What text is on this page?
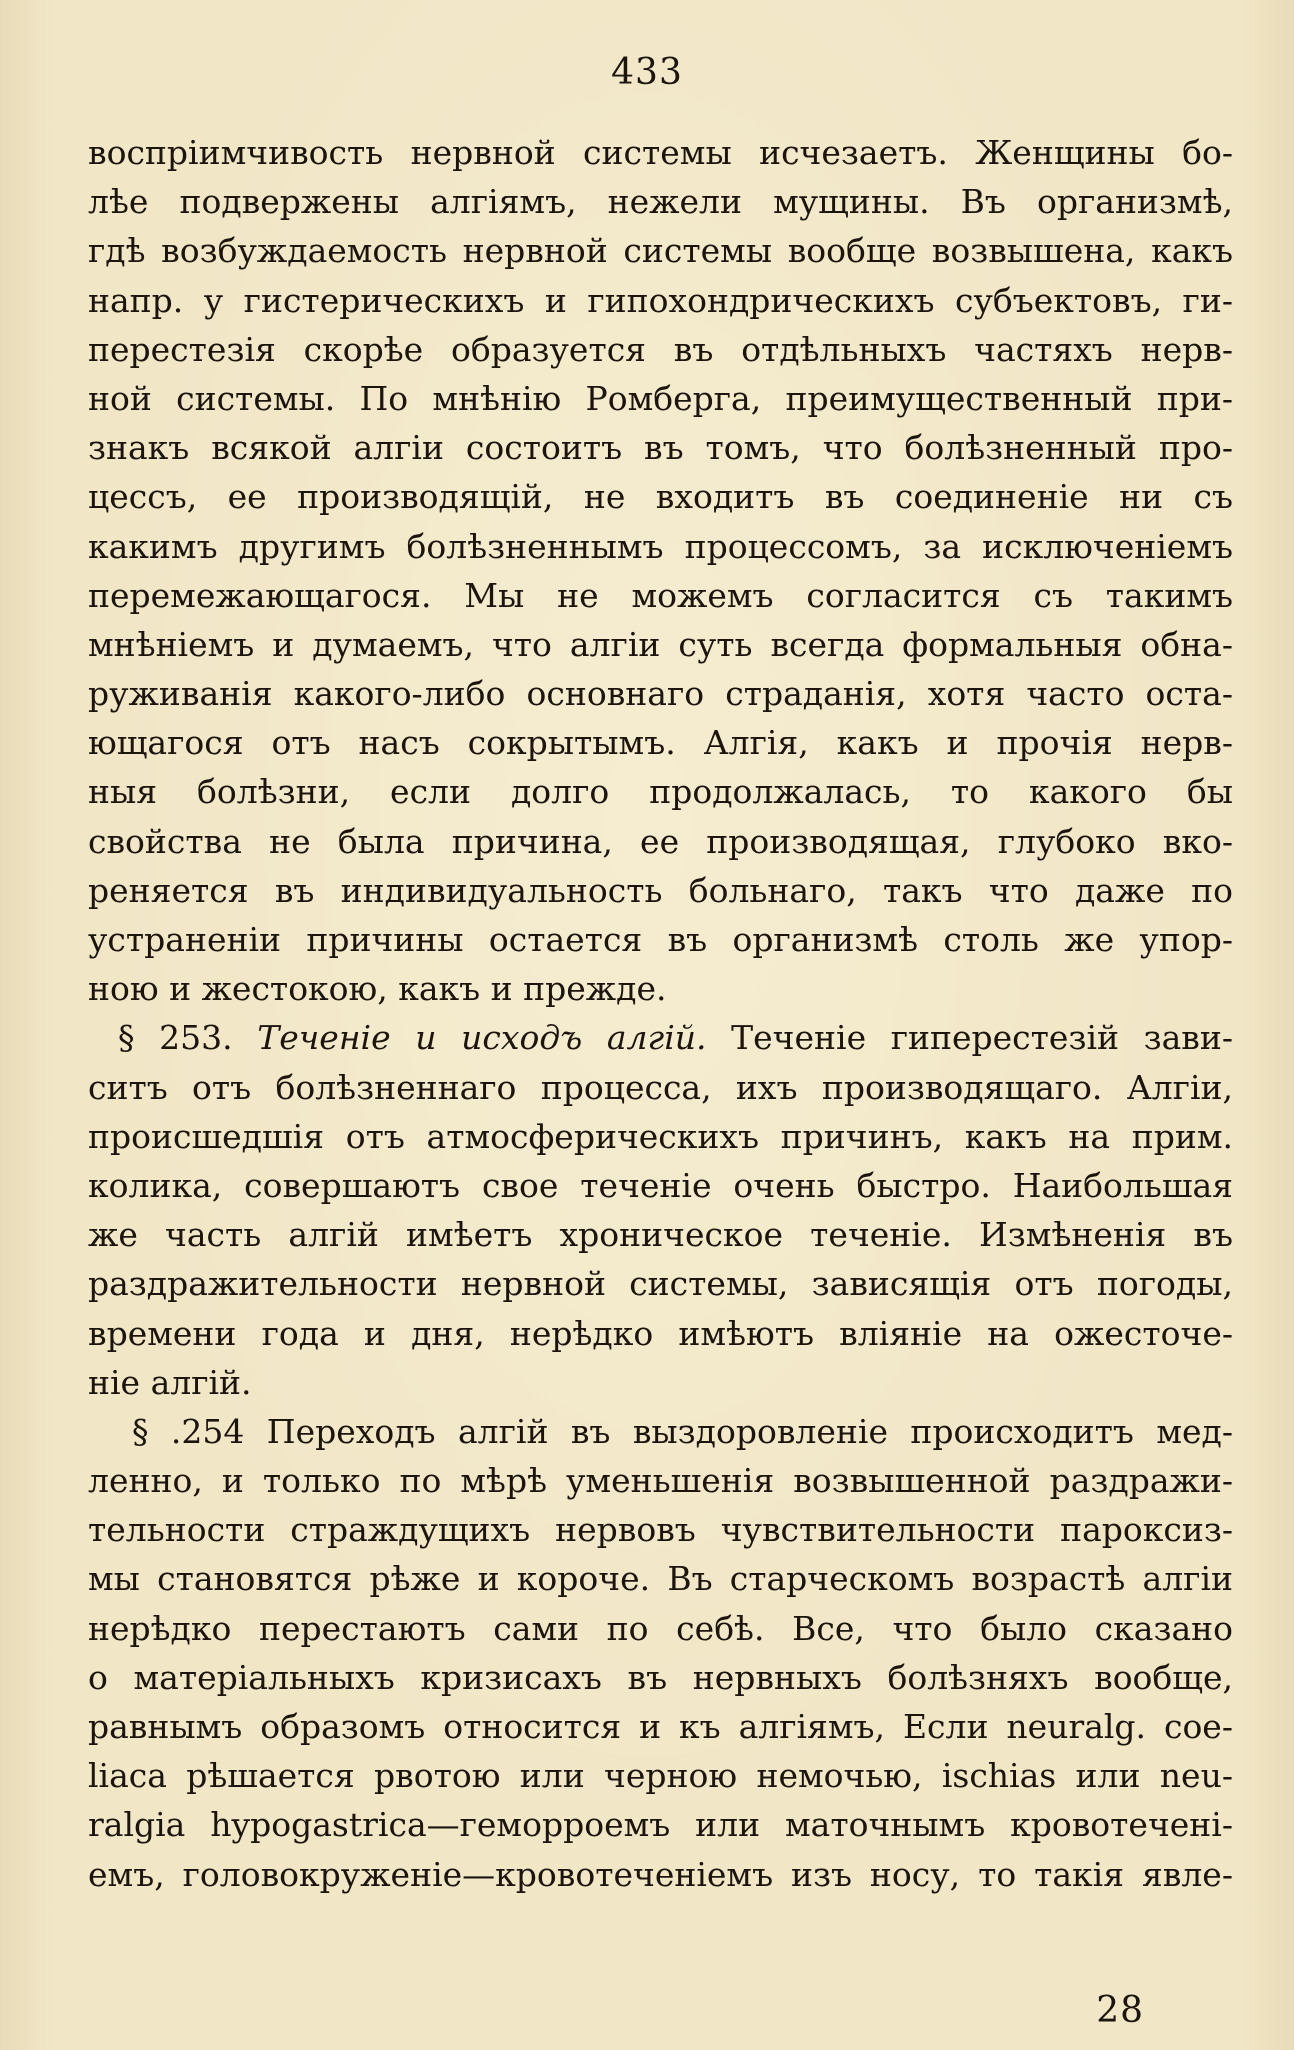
433
воспрiимчивость нервной системы исчезаетъ. Женщины бо-
лѣе подвержены алгiямъ, нежели мущины. Въ организмѣ,
гдѣ возбуждаемость нервной системы вообще возвышена, какъ
напр. у гистерическихъ и гипохондрическихъ субъектовъ, ги-
перестезiя скорѣе образуется въ отдѣльныхъ частяхъ нерв-
ной системы. По мнѣнiю Ромберга, преимущественный при-
знакъ всякой алгiи состоитъ въ томъ, что болѣзненный про-
цессъ, ее производящiй, не входитъ въ соединенiе ни съ
какимъ другимъ болѣзненнымъ процессомъ, за исключенiемъ
перемежающагося. Мы не можемъ согласится съ такимъ
мнѣнiемъ и думаемъ, что алгiи суть всегда формальныя обна-
руживанiя какого-либо основнаго страданiя, хотя часто оста-
ющагося отъ насъ сокрытымъ. Алгiя, какъ и прочiя нерв-
ныя болѣзни, если долго продолжалась, то какого бы
свойства не была причина, ее производящая, глубоко вко-
реняется въ индивидуальность больнаго, такъ что даже по
устраненiи причины остается въ организмѣ столь же упор-
ною и жестокою, какъ и прежде.
§ 253. Теченiе и исходъ алгiй. Теченiе гиперестезiй зави-
ситъ отъ болѣзненнаго процесса, ихъ производящаго. Алгiи,
происшедшiя отъ атмосферическихъ причинъ, какъ на прим.
колика, совершаютъ свое теченiе очень быстро. Наибольшая
же часть алгiй имѣетъ хроническое теченiе. Измѣненiя въ
раздражительности нервной системы, зависящiя отъ погоды,
времени года и дня, нерѣдко имѣютъ влiянiе на ожесточе-
нiе алгiй.
§ .254 Переходъ алгiй въ выздоровленiе происходитъ мед-
ленно, и только по мѣрѣ уменьшенiя возвышенной раздражи-
тельности страждущихъ нервовъ чувствительности пароксиз-
мы становятся рѣже и короче. Въ старческомъ возрастѣ алгiи
нерѣдко перестаютъ сами по себѣ. Все, что было сказано
о матерiальныхъ кризисахъ въ нервныхъ болѣзняхъ вообще,
равнымъ образомъ относится и къ алгiямъ, Если neuralg. coe-
liaca рѣшается рвотою или черною немочью, ischias или neu-
ralgia hypogastrica—геморроемъ или маточнымъ кровотеченi-
емъ, головокруженiе—кровотеченiемъ изъ носу, то такiя явле-
28
